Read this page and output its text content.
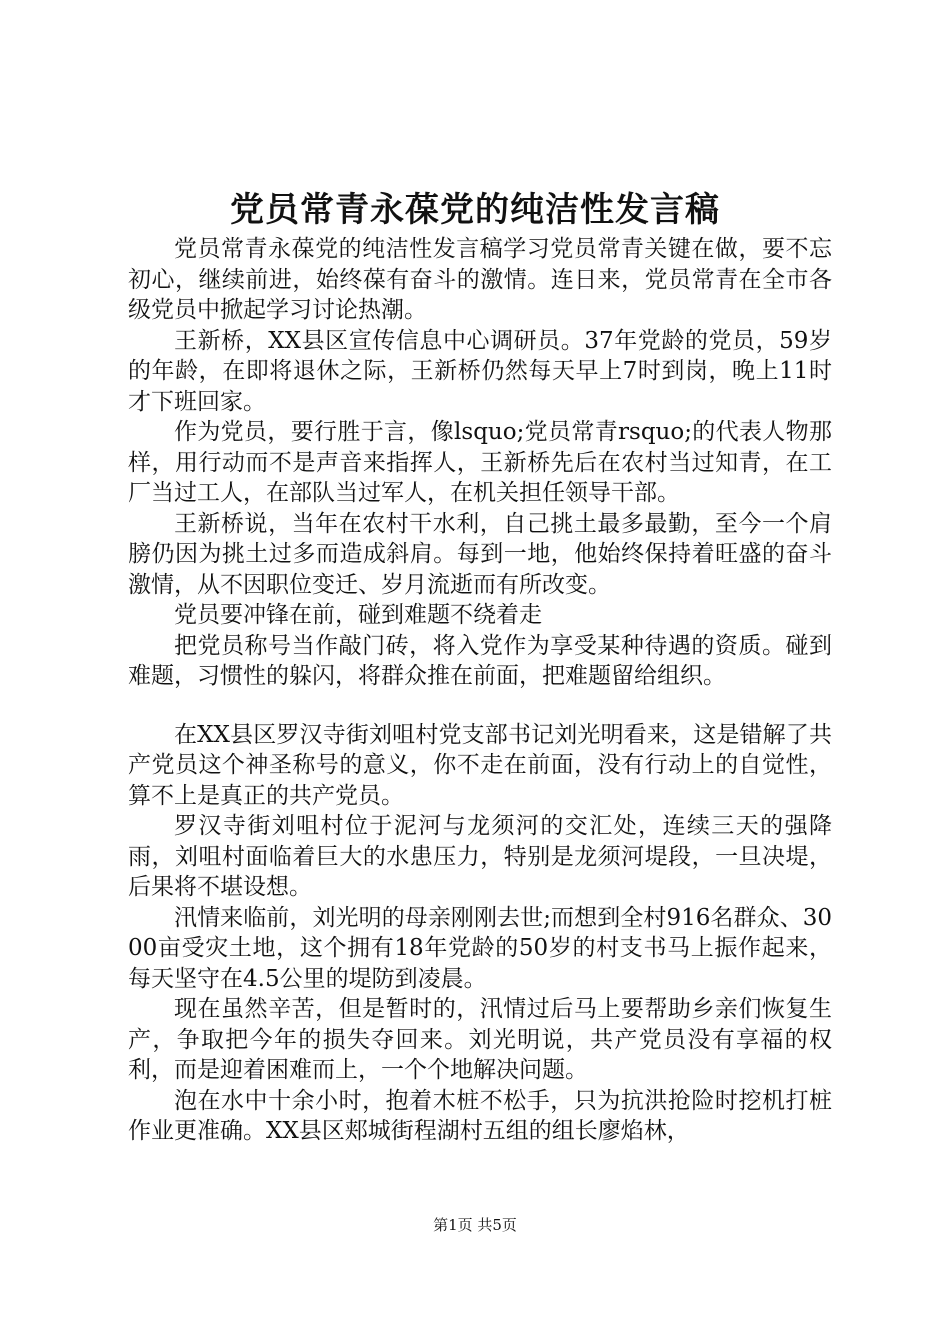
党员常青永葆党的纯洁性发言稿

党员常青永葆党的纯洁性发言稿学习党员常青关键在做，要不忘初心，继续前进，始终葆有奋斗的激情。连日来，党员常青在全市各级党员中掀起学习讨论热潮。

王新桥，XX县区宣传信息中心调研员。37年党龄的党员，59岁的年龄，在即将退休之际，王新桥仍然每天早上7时到岗，晚上11时才下班回家。

作为党员，要行胜于言，像lsquo;党员常青rsquo;的代表人物那样，用行动而不是声音来指挥人，王新桥先后在农村当过知青，在工厂当过工人，在部队当过军人，在机关担任领导干部。

王新桥说，当年在农村干水利，自己挑土最多最勤，至今一个肩膀仍因为挑土过多而造成斜肩。每到一地，他始终保持着旺盛的奋斗激情，从不因职位变迁、岁月流逝而有所改变。

党员要冲锋在前，碰到难题不绕着走

把党员称号当作敲门砖，将入党作为享受某种待遇的资质。碰到难题，习惯性的躲闪，将群众推在前面，把难题留给组织。

在XX县区罗汉寺街刘咀村党支部书记刘光明看来，这是错解了共产党员这个神圣称号的意义，你不走在前面，没有行动上的自觉性，算不上是真正的共产党员。

罗汉寺街刘咀村位于泥河与龙须河的交汇处，连续三天的强降雨，刘咀村面临着巨大的水患压力，特别是龙须河堤段，一旦决堤，后果将不堪设想。

汛情来临前，刘光明的母亲刚刚去世;而想到全村916名群众、3000亩受灾土地，这个拥有18年党龄的50岁的村支书马上振作起来，每天坚守在4.5公里的堤防到凌晨。

现在虽然辛苦，但是暂时的，汛情过后马上要帮助乡亲们恢复生产，争取把今年的损失夺回来。刘光明说，共产党员没有享福的权利，而是迎着困难而上，一个个地解决问题。

泡在水中十余小时，抱着木桩不松手，只为抗洪抢险时挖机打桩作业更准确。XX县区郏城街程湖村五组的组长廖焰林，

第1页 共5页
